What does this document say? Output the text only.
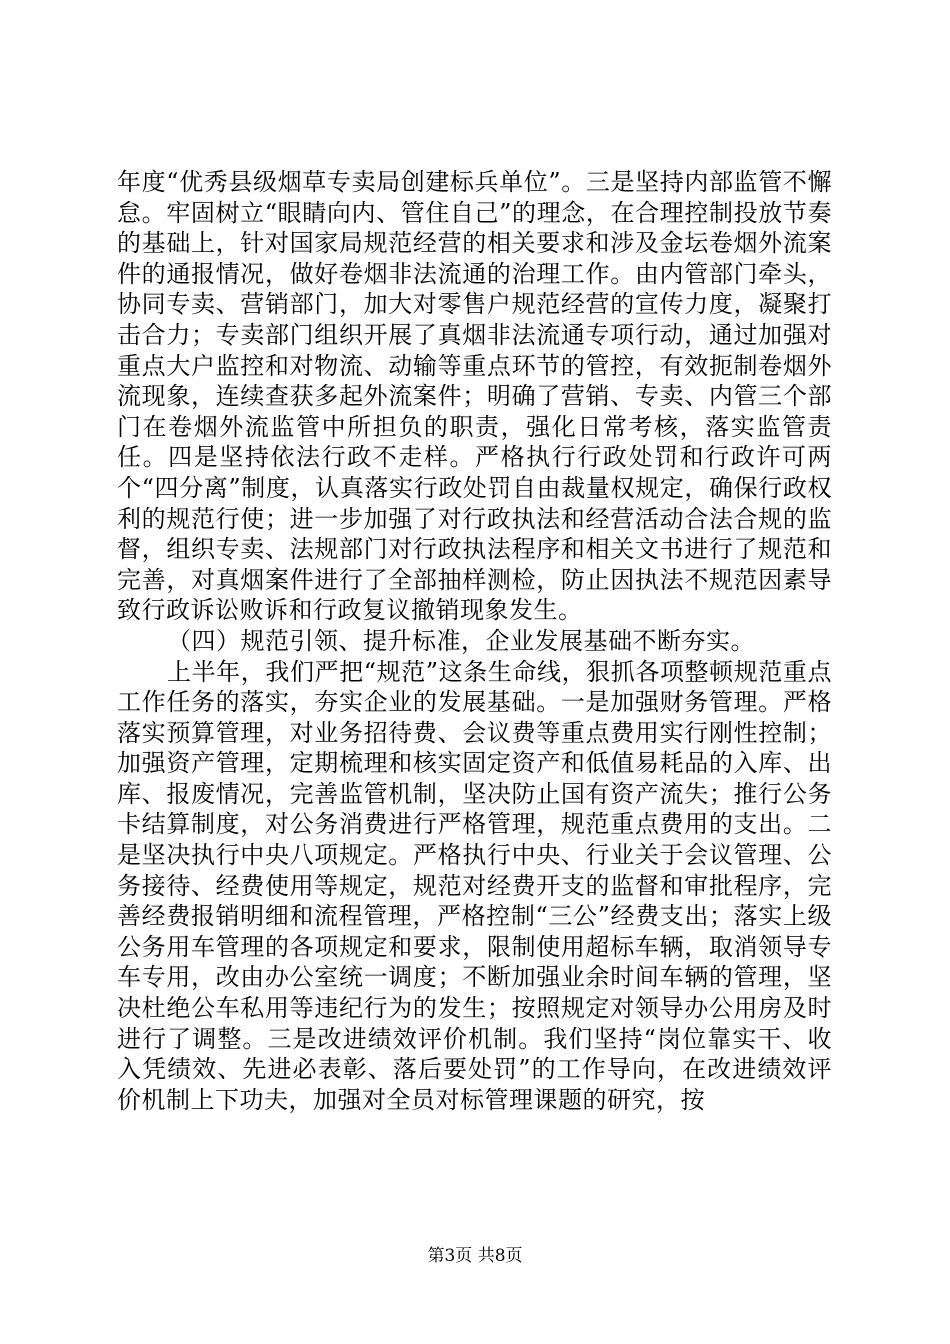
年度“优秀县级烟草专卖局创建标兵单位”。三是坚持内部监管不懈怠。牢固树立“眼睛向内、管住自己”的理念，在合理控制投放节奏的基础上，针对国家局规范经营的相关要求和涉及金坛卷烟外流案件的通报情况，做好卷烟非法流通的治理工作。由内管部门牵头，协同专卖、营销部门，加大对零售户规范经营的宣传力度，凝聚打击合力；专卖部门组织开展了真烟非法流通专项行动，通过加强对重点大户监控和对物流、动输等重点环节的管控，有效扼制卷烟外流现象，连续查获多起外流案件；明确了营销、专卖、内管三个部门在卷烟外流监管中所担负的职责，强化日常考核，落实监管责任。四是坚持依法行政不走样。严格执行行政处罚和行政许可两个“四分离”制度，认真落实行政处罚自由裁量权规定，确保行政权利的规范行使；进一步加强了对行政执法和经营活动合法合规的监督，组织专卖、法规部门对行政执法程序和相关文书进行了规范和完善，对真烟案件进行了全部抽样测检，防止因执法不规范因素导致行政诉讼败诉和行政复议撤销现象发生。

（四）规范引领、提升标准，企业发展基础不断夯实。

上半年，我们严把“规范”这条生命线，狠抓各项整顿规范重点工作任务的落实，夯实企业的发展基础。一是加强财务管理。严格落实预算管理，对业务招待费、会议费等重点费用实行刚性控制；加强资产管理，定期梳理和核实固定资产和低值易耗品的入库、出库、报废情况，完善监管机制，坚决防止国有资产流失；推行公务卡结算制度，对公务消费进行严格管理，规范重点费用的支出。二是坚决执行中央八项规定。严格执行中央、行业关于会议管理、公务接待、经费使用等规定，规范对经费开支的监督和审批程序，完善经费报销明细和流程管理，严格控制“三公”经费支出；落实上级公务用车管理的各项规定和要求，限制使用超标车辆，取消领导专车专用，改由办公室统一调度；不断加强业余时间车辆的管理，坚决杜绝公车私用等违纪行为的发生；按照规定对领导办公用房及时进行了调整。三是改进绩效评价机制。我们坚持“岗位靠实干、收入凭绩效、先进必表彰、落后要处罚”的工作导向，在改进绩效评价机制上下功夫，加强对全员对标管理课题的研究，按

第3页 共8页
